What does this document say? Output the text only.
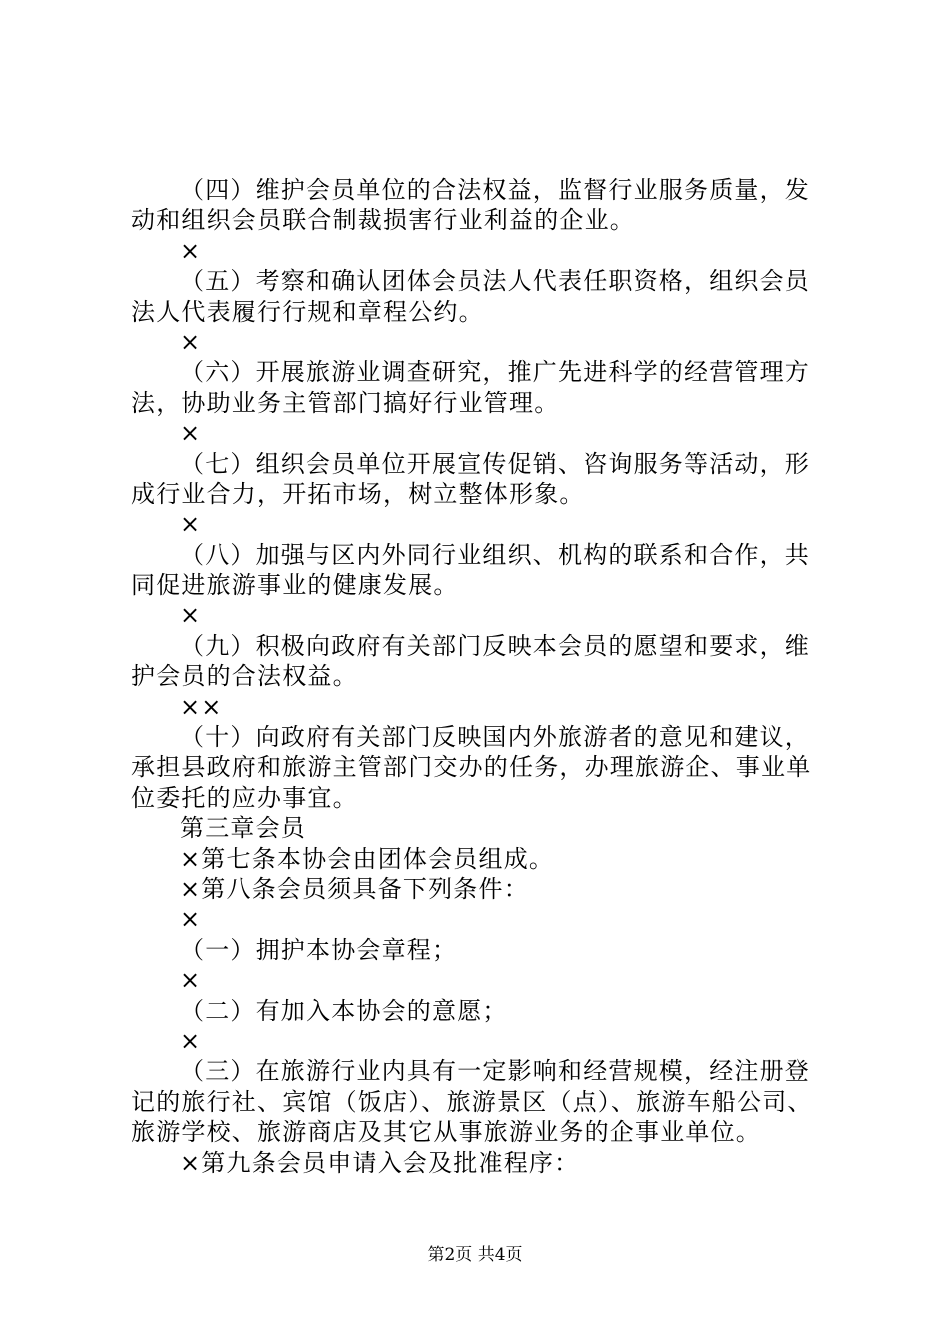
（四）维护会员单位的合法权益，监督行业服务质量，发
动和组织会员联合制裁损害行业利益的企业。
×
（五）考察和确认团体会员法人代表任职资格，组织会员
法人代表履行行规和章程公约。
×
（六）开展旅游业调查研究，推广先进科学的经营管理方
法，协助业务主管部门搞好行业管理。
×
（七）组织会员单位开展宣传促销、咨询服务等活动，形
成行业合力，开拓市场，树立整体形象。
×
（八）加强与区内外同行业组织、机构的联系和合作，共
同促进旅游事业的健康发展。
×
（九）积极向政府有关部门反映本会员的愿望和要求，维
护会员的合法权益。
××
（十）向政府有关部门反映国内外旅游者的意见和建议，
承担县政府和旅游主管部门交办的任务，办理旅游企、事业单
位委托的应办事宜。
第三章会员
×第七条本协会由团体会员组成。
×第八条会员须具备下列条件：
×
（一）拥护本协会章程；
×
（二）有加入本协会的意愿；
×
（三）在旅游行业内具有一定影响和经营规模，经注册登
记的旅行社、宾馆（饭店）、旅游景区（点）、旅游车船公司、
旅游学校、旅游商店及其它从事旅游业务的企事业单位。
×第九条会员申请入会及批准程序：
第2页 共4页
